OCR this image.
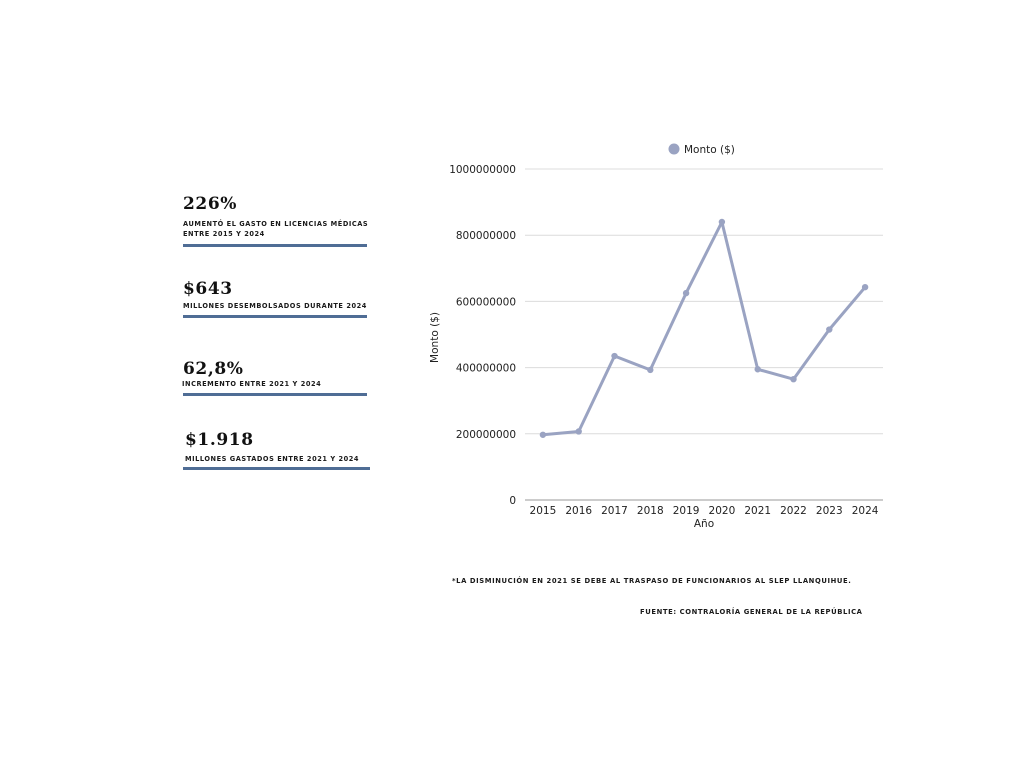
226%
AUMENTÓ EL GASTO EN LICENCIAS MÉDICAS
ENTRE 2015 Y 2024
$643
MILLONES DESEMBOLSADOS DURANTE 2024
62,8%
INCREMENTO ENTRE 2021 Y 2024
$1.918
MILLONES GASTADOS ENTRE 2021 Y 2024
0
200000000
400000000
600000000
800000000
1000000000
2015 2016 2017 2018 2019 2020 2021 2022 2023 2024
Año
Monto ($)
Monto ($)
*LA DISMINUCIÓN EN 2021 SE DEBE AL TRASPASO DE FUNCIONARIOS AL SLEP LLANQUIHUE.
FUENTE: CONTRALORÍA GENERAL DE LA REPÚBLICA
